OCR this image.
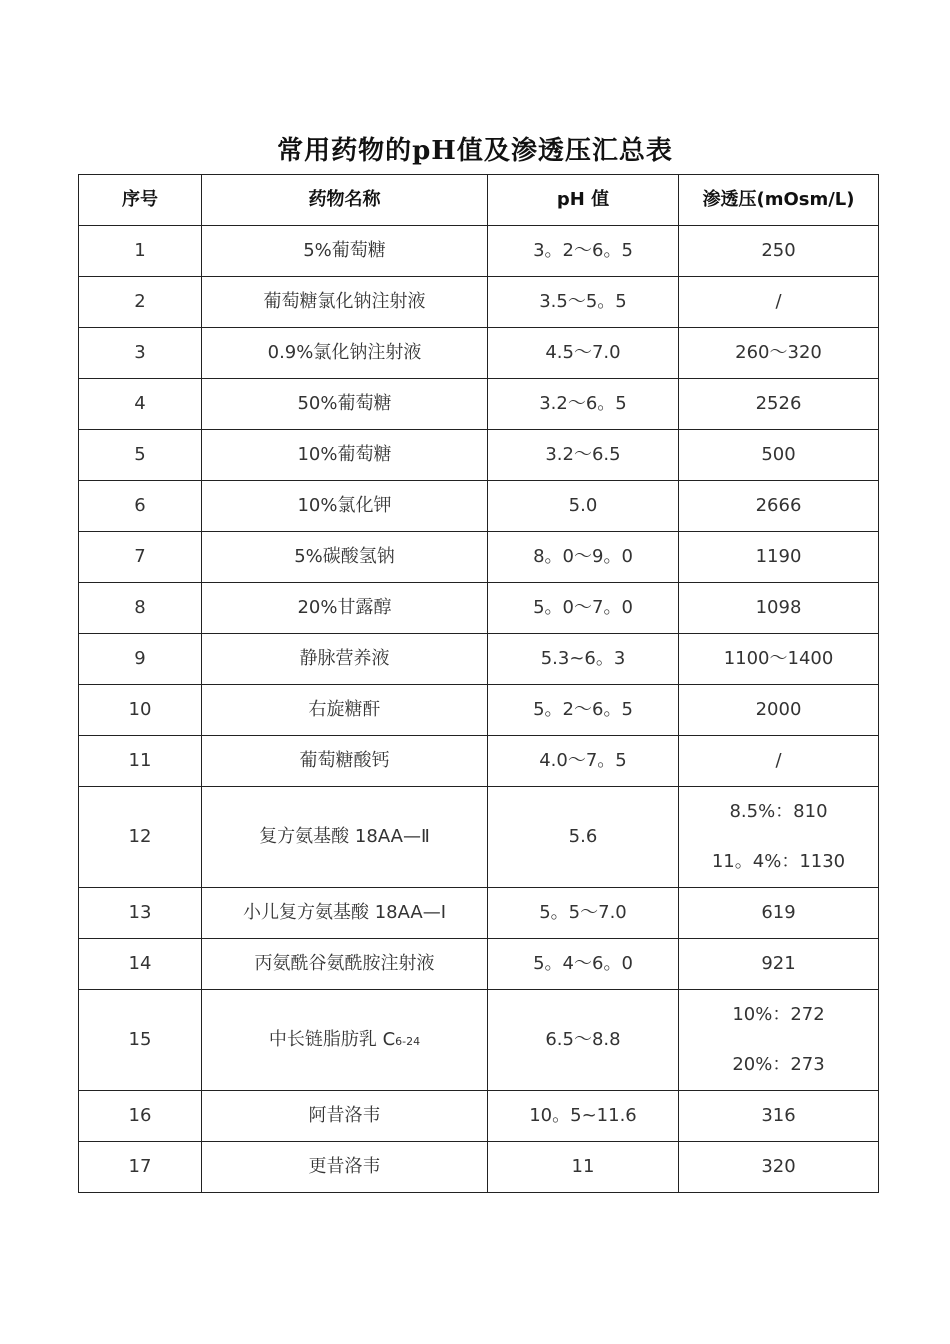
常用药物的pH值及渗透压汇总表
序号	药物名称	pH 值	渗透压(mOsm/L)
1	5%葡萄糖	3。2～6。5	250
2	葡萄糖氯化钠注射液	3.5～5。5	/
3	0.9%氯化钠注射液	4.5～7.0	260～320
4	50%葡萄糖	3.2～6。5	2526
5	10%葡萄糖	3.2～6.5	500
6	10%氯化钾	5.0	2666
7	5%碳酸氢钠	8。0～9。0	1190
8	20%甘露醇	5。0～7。0	1098
9	静脉营养液	5.3~6。3	1100～1400
10	右旋糖酐	5。2～6。5	2000
11	葡萄糖酸钙	4.0～7。5	/
12	复方氨基酸 18AA—Ⅱ	5.6	8.5%：810
11。4%：1130

13	小儿复方氨基酸 18AA—Ⅰ	5。5～7.0	619
14	丙氨酰谷氨酰胺注射液	5。4～6。0	921
15	中长链脂肪乳 C6-24	6.5～8.8	10%：272
20%：273

16	阿昔洛韦	10。5~11.6	316
17	更昔洛韦	11	320
